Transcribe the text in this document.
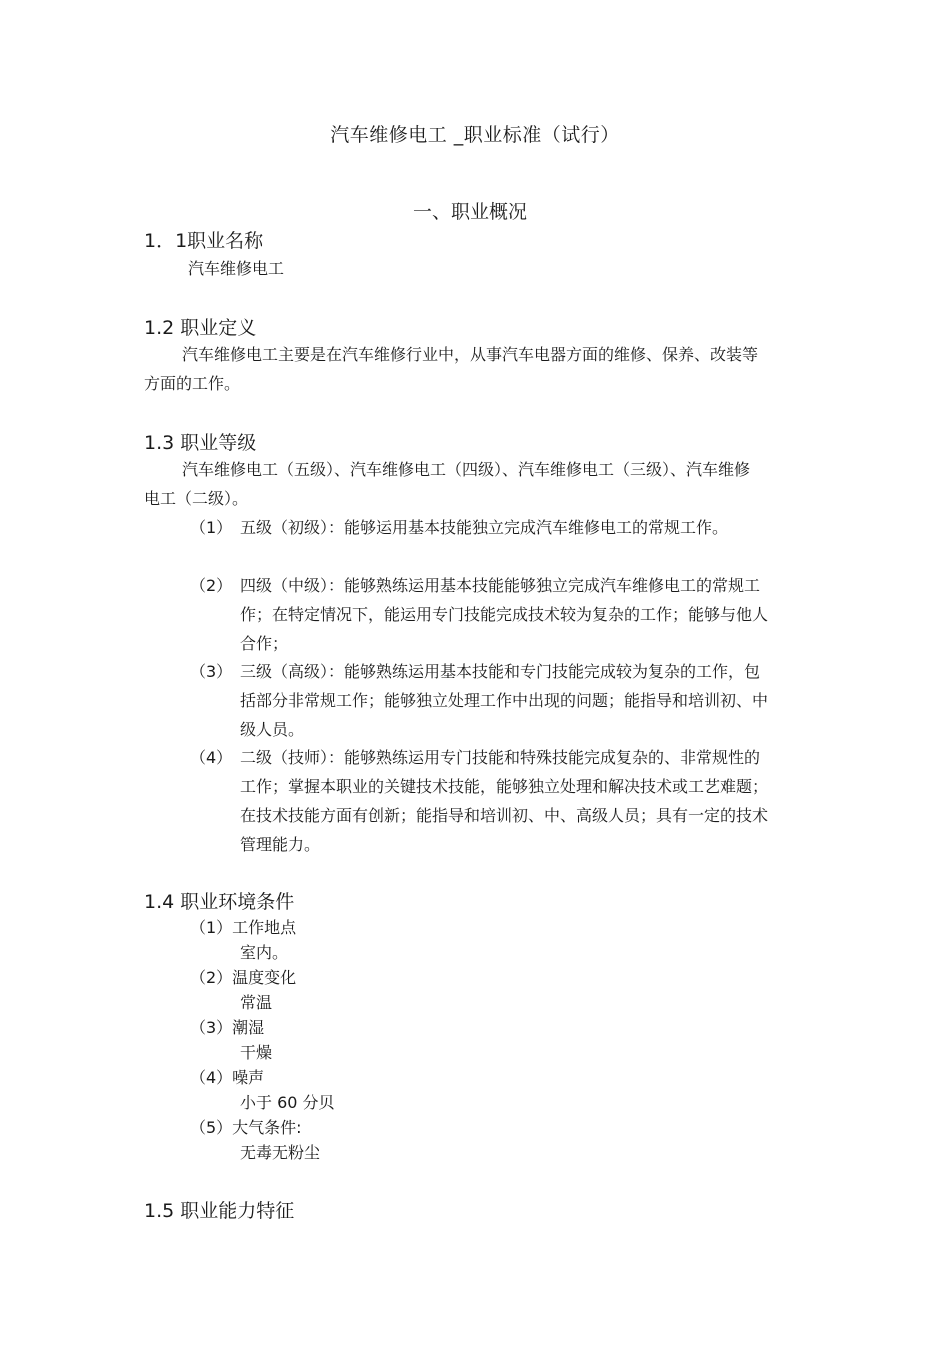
汽车维修电工 _职业标准（试行）
一、职业概况
1．1职业名称
汽车维修电工
1.2 职业定义
汽车维修电工主要是在汽车维修行业中，从事汽车电器方面的维修、保养、改装等方面的工作。
1.3 职业等级
汽车维修电工（五级）、汽车维修电工（四级）、汽车维修电工（三级）、汽车维修电工（二级）。
（1） 五级（初级）：能够运用基本技能独立完成汽车维修电工的常规工作。
（2） 四级（中级）：能够熟练运用基本技能能够独立完成汽车维修电工的常规工作；在特定情况下，能运用专门技能完成技术较为复杂的工作；能够与他人合作；
（3） 三级（高级）：能够熟练运用基本技能和专门技能完成较为复杂的工作，包括部分非常规工作；能够独立处理工作中出现的问题；能指导和培训初、中级人员。
（4） 二级（技师）：能够熟练运用专门技能和特殊技能完成复杂的、非常规性的工作；掌握本职业的关键技术技能，能够独立处理和解决技术或工艺难题；在技术技能方面有创新；能指导和培训初、中、高级人员；具有一定的技术管理能力。
1.4 职业环境条件
（1）工作地点
室内。
（2）温度变化
常温
（3）潮湿
干燥
（4）噪声
小于 60 分贝
（5）大气条件:
无毒无粉尘
1.5 职业能力特征
